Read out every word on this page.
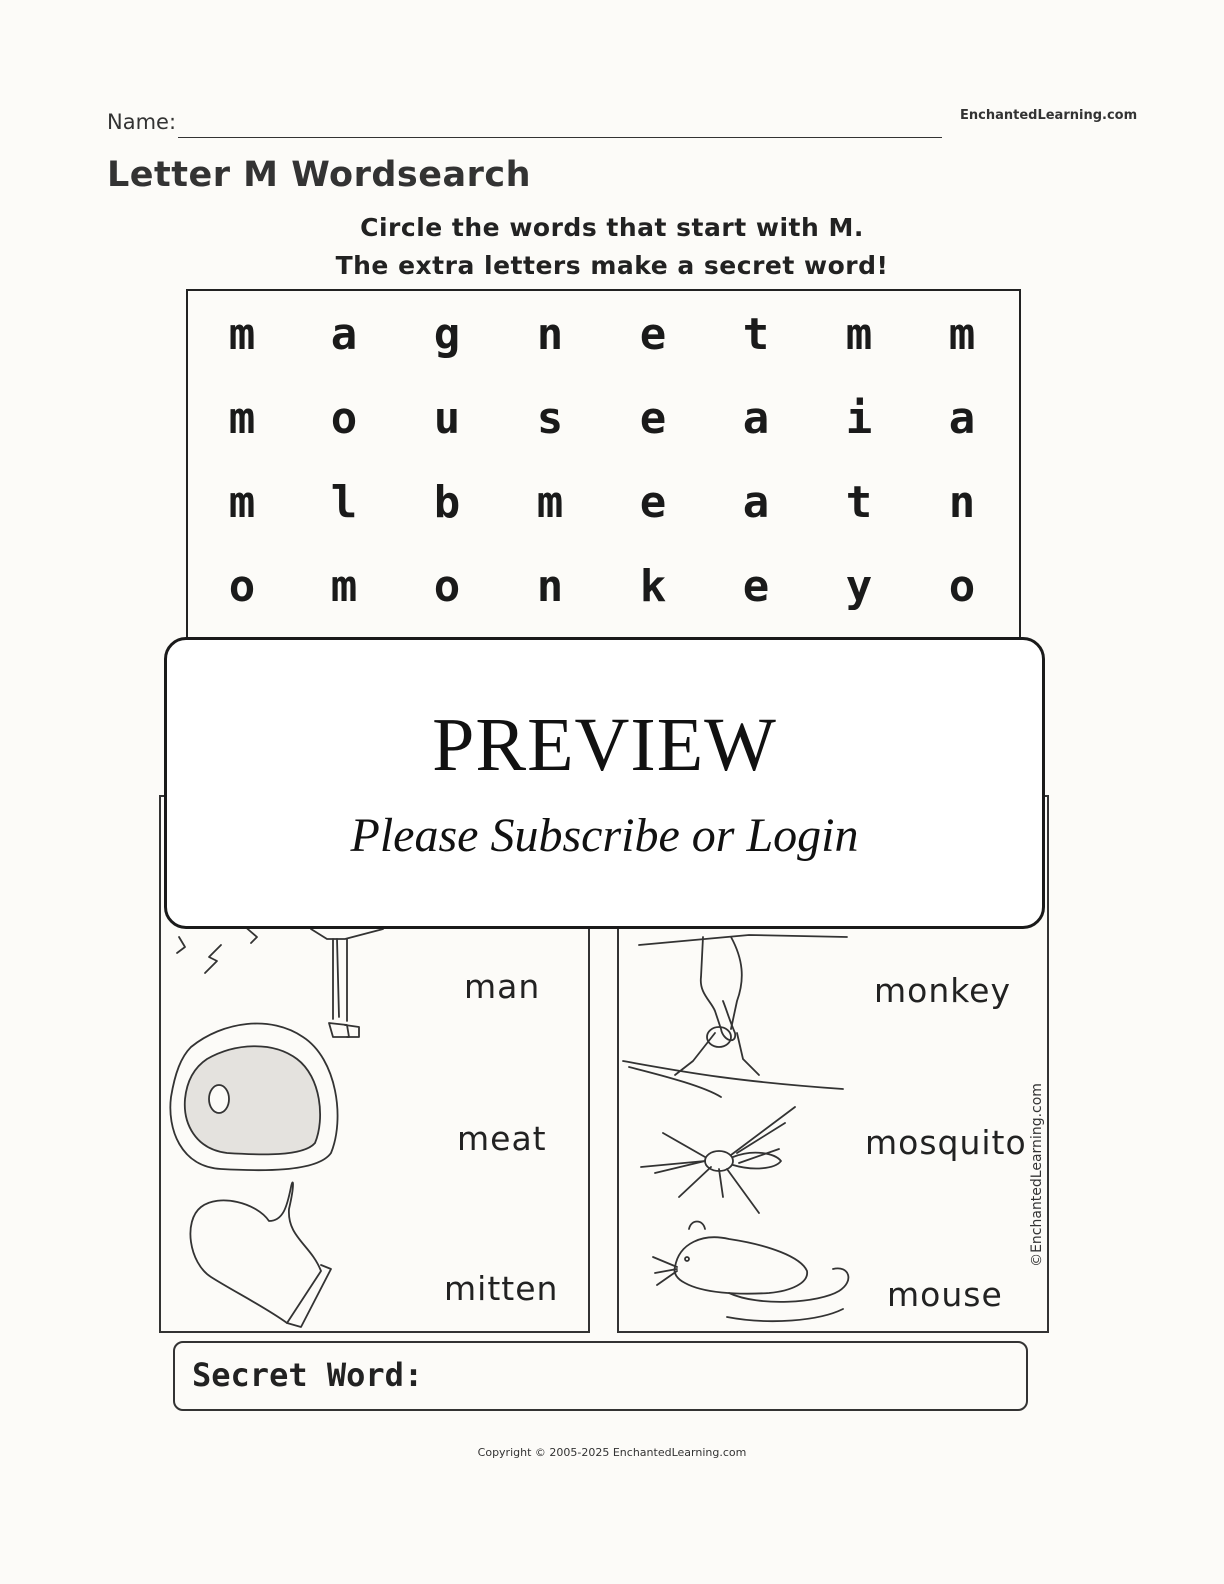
Name:	EnchantedLearning.com
Letter M Wordsearch
Circle the words that start with M.
The extra letters make a secret word!
m	a	g	n	e	t	m	m
m	o	u	s	e	a	i	a
m	l	b	m	e	a	t	n
o	m	o	n	k	e	y	o
man
meat
mitten
monkey
mosquito
mouse
©EnchantedLearning.com
Secret Word:
PREVIEW
Please Subscribe or Login
Copyright © 2005-2025 EnchantedLearning.com
